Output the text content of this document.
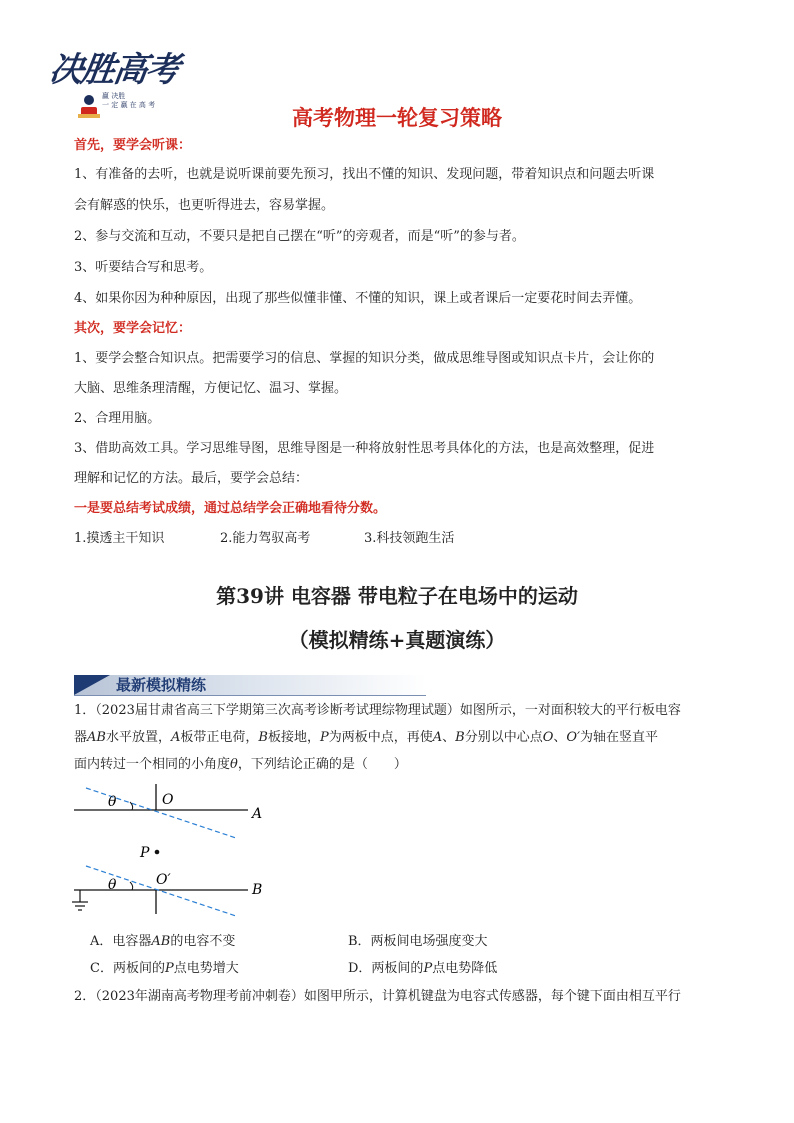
决胜高考
赢 决胜
一 定 赢 在 高 考
高考物理一轮复习策略
首先，要学会听课：
1、有准备的去听，也就是说听课前要先预习，找出不懂的知识、发现问题，带着知识点和问题去听课
会有解惑的快乐，也更听得进去，容易掌握。
2、参与交流和互动，不要只是把自己摆在“听”的旁观者，而是“听”的参与者。
3、听要结合写和思考。
4、如果你因为种种原因，出现了那些似懂非懂、不懂的知识，课上或者课后一定要花时间去弄懂。
其次，要学会记忆：
1、要学会整合知识点。把需要学习的信息、掌握的知识分类，做成思维导图或知识点卡片，会让你的
大脑、思维条理清醒，方便记忆、温习、掌握。
2、合理用脑。
3、借助高效工具。学习思维导图，思维导图是一种将放射性思考具体化的方法，也是高效整理，促进
理解和记忆的方法。最后，要学会总结：
一是要总结考试成绩，通过总结学会正确地看待分数。
1.摸透主干知识	2.能力驾驭高考	3.科技领跑生活
第39讲 电容器 带电粒子在电场中的运动
（模拟精练+真题演练）
最新模拟精练
1．（2023届甘肃省高三下学期第三次高考诊断考试理综物理试题）如图所示，一对面积较大的平行板电容
器AB水平放置，A板带正电荷，B板接地，P为两板中点，再使A、B分别以中心点O、O′为轴在竖直平
面内转过一个相同的小角度θ，下列结论正确的是（　　）
θ	O
A
P
θ	O′
B
A．电容器AB的电容不变	B．两板间电场强度变大
C．两板间的P点电势增大	D．两板间的P点电势降低
2．（2023年湖南高考物理考前冲刺卷）如图甲所示，计算机键盘为电容式传感器，每个键下面由相互平行
